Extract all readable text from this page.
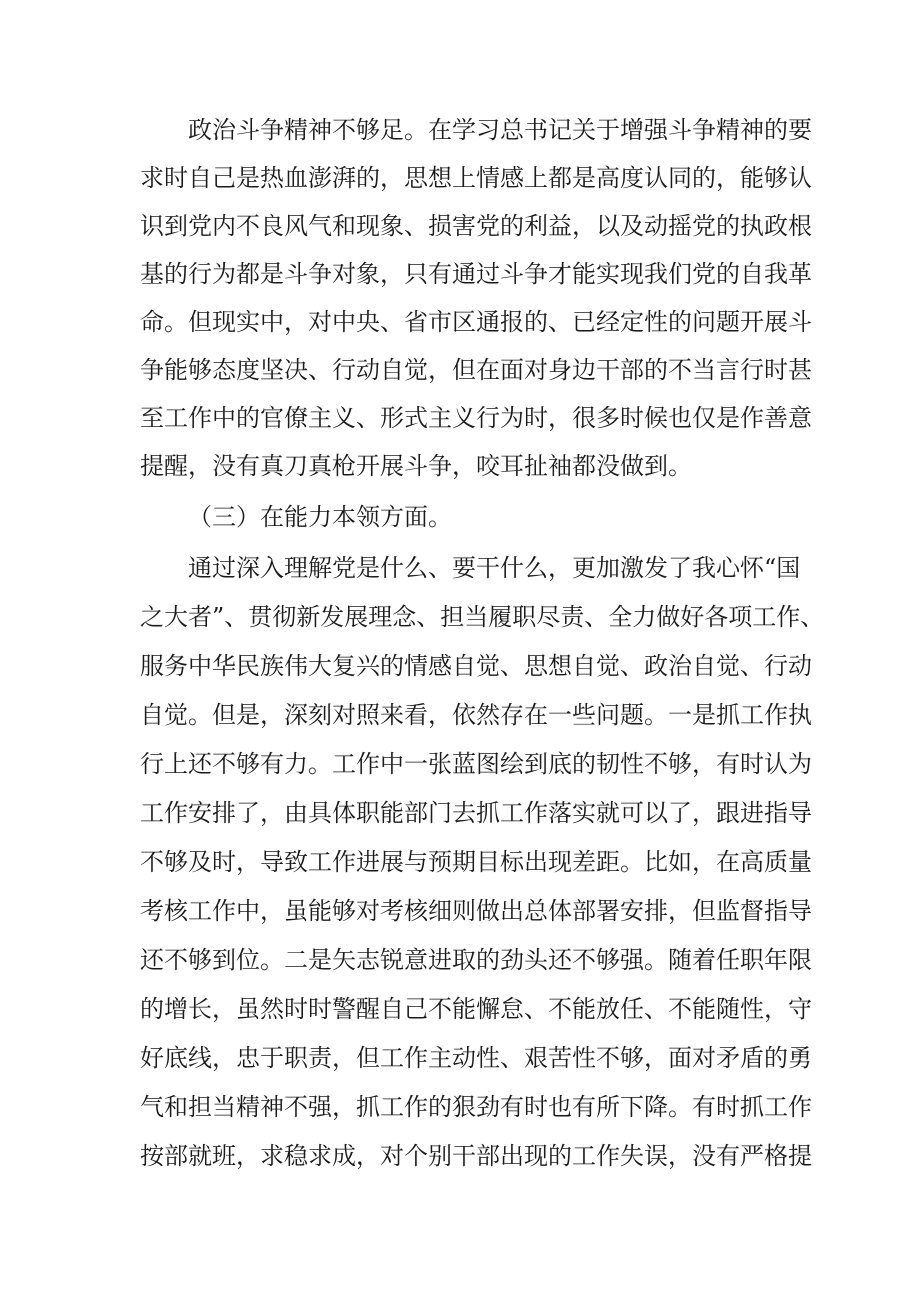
政治斗争精神不够足。在学习总书记关于增强斗争精神的要
求时自己是热血澎湃的，思想上情感上都是高度认同的，能够认
识到党内不良风气和现象、损害党的利益，以及动摇党的执政根
基的行为都是斗争对象，只有通过斗争才能实现我们党的自我革
命。但现实中，对中央、省市区通报的、已经定性的问题开展斗
争能够态度坚决、行动自觉，但在面对身边干部的不当言行时甚
至工作中的官僚主义、形式主义行为时，很多时候也仅是作善意
提醒，没有真刀真枪开展斗争，咬耳扯袖都没做到。
（三）在能力本领方面。
通过深入理解党是什么、要干什么，更加激发了我心怀“国
之大者”、贯彻新发展理念、担当履职尽责、全力做好各项工作、
服务中华民族伟大复兴的情感自觉、思想自觉、政治自觉、行动
自觉。但是，深刻对照来看，依然存在一些问题。一是抓工作执
行上还不够有力。工作中一张蓝图绘到底的韧性不够，有时认为
工作安排了，由具体职能部门去抓工作落实就可以了，跟进指导
不够及时，导致工作进展与预期目标出现差距。比如，在高质量
考核工作中，虽能够对考核细则做出总体部署安排，但监督指导
还不够到位。二是矢志锐意进取的劲头还不够强。随着任职年限
的增长，虽然时时警醒自己不能懈怠、不能放任、不能随性，守
好底线，忠于职责，但工作主动性、艰苦性不够，面对矛盾的勇
气和担当精神不强，抓工作的狠劲有时也有所下降。有时抓工作
按部就班，求稳求成，对个别干部出现的工作失误，没有严格提
